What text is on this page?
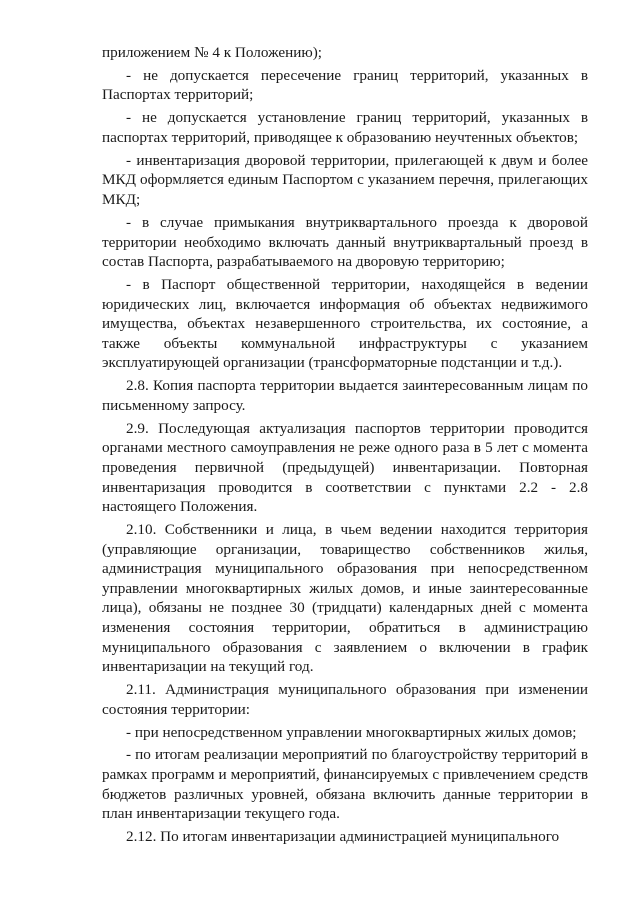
приложением № 4 к Положению);

- не допускается пересечение границ территорий, указанных в Паспортах территорий;

- не допускается установление границ территорий, указанных в паспортах территорий, приводящее к образованию неучтенных объектов;

- инвентаризация дворовой территории, прилегающей к двум и более МКД оформляется единым Паспортом с указанием перечня, прилегающих МКД;

- в случае примыкания внутриквартального проезда к дворовой территории необходимо включать данный внутриквартальный проезд в состав Паспорта, разрабатываемого на дворовую территорию;

- в Паспорт общественной территории, находящейся в ведении юридических лиц, включается информация об объектах недвижимого имущества, объектах незавершенного строительства, их состояние, а также объекты коммунальной инфраструктуры с указанием эксплуатирующей организации (трансформаторные подстанции и т.д.).

2.8. Копия паспорта территории выдается заинтересованным лицам по письменному запросу.

2.9. Последующая актуализация паспортов территории проводится органами местного самоуправления не реже одного раза в 5 лет с момента проведения первичной (предыдущей) инвентаризации. Повторная инвентаризация проводится в соответствии с пунктами 2.2 - 2.8 настоящего Положения.

2.10. Собственники и лица, в чьем ведении находится территория (управляющие организации, товарищество собственников жилья, администрация муниципального образования при непосредственном управлении многоквартирных жилых домов, и иные заинтересованные лица), обязаны не позднее 30 (тридцати) календарных дней с момента изменения состояния территории, обратиться в администрацию муниципального образования с заявлением о включении в график инвентаризации на текущий год.

2.11. Администрация муниципального образования при изменении состояния территории:

- при непосредственном управлении многоквартирных жилых домов;

- по итогам реализации мероприятий по благоустройству территорий в рамках программ и мероприятий, финансируемых с привлечением средств бюджетов различных уровней, обязана включить данные территории в план инвентаризации текущего года.

2.12. По итогам инвентаризации администрацией муниципального
